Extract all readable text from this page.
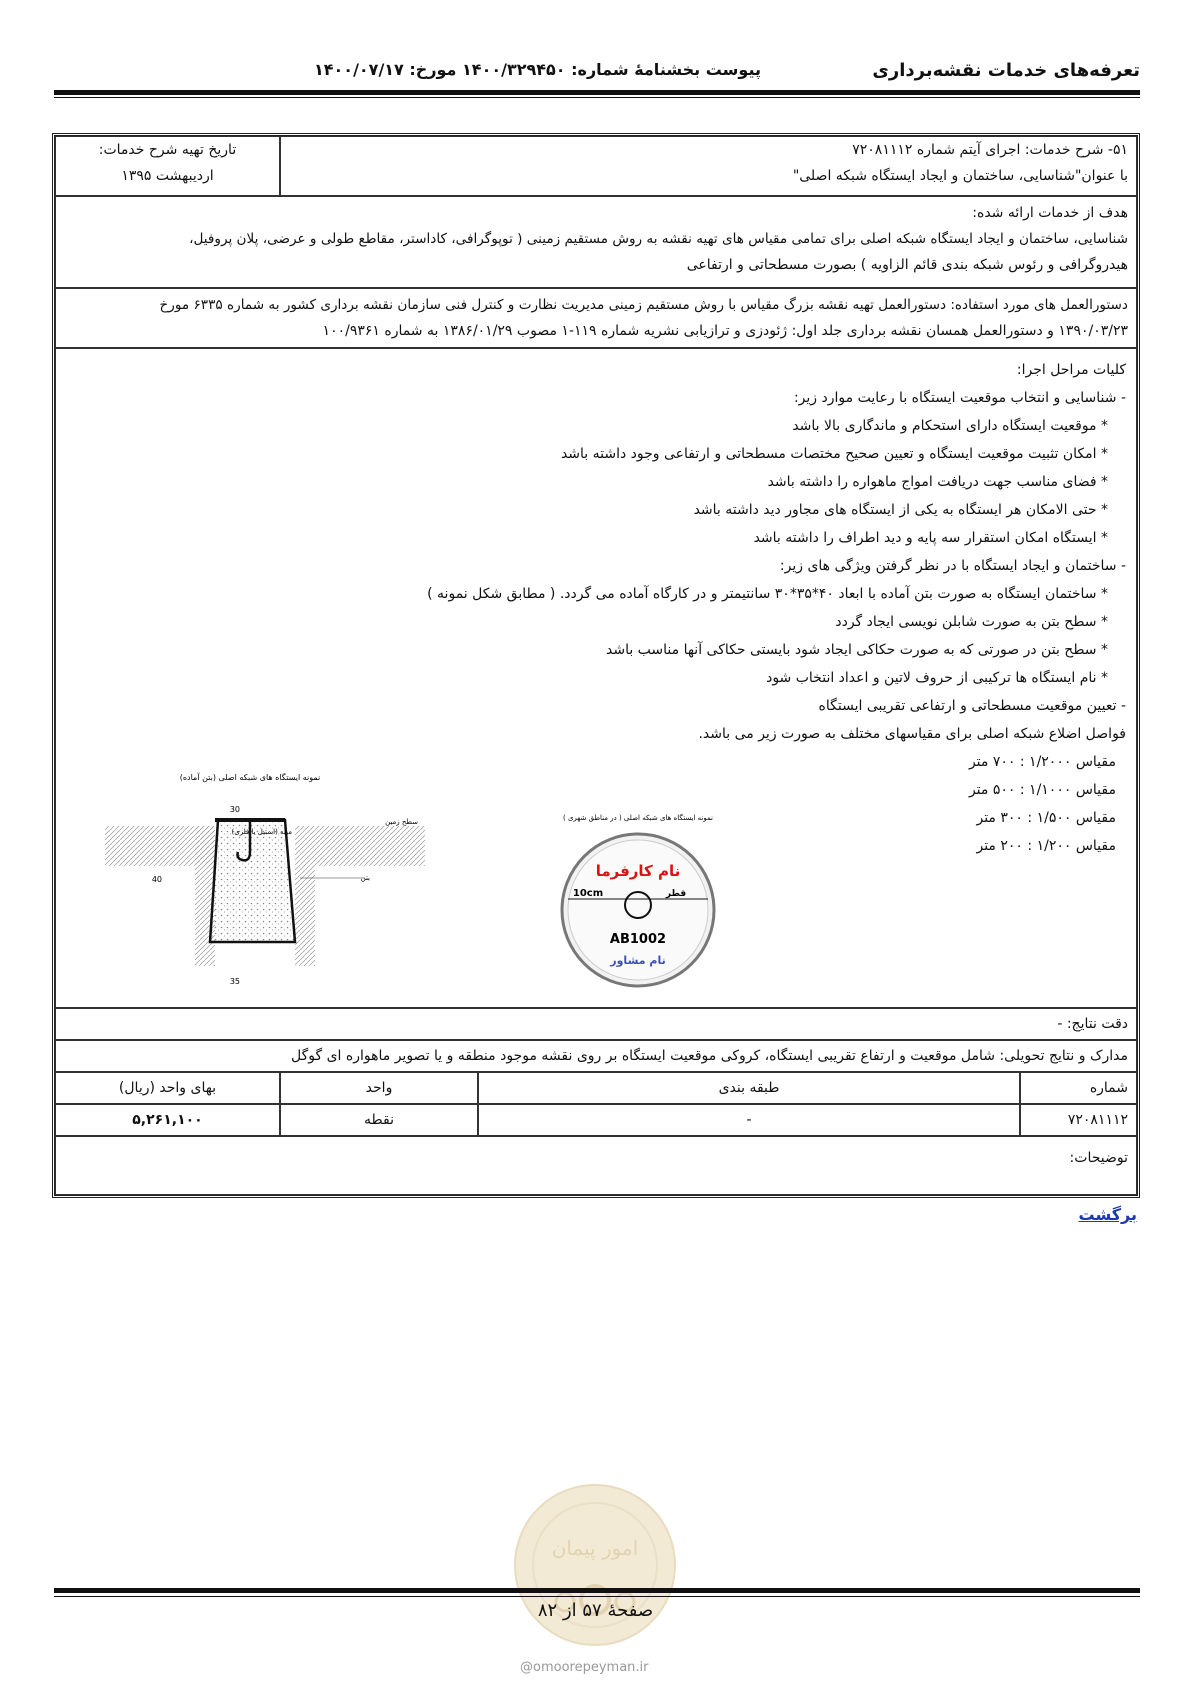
تعرفه‌های خدمات نقشه‌برداری
پیوست بخشنامهٔ شماره: ۱۴۰۰/۳۲۹۴۵۰ مورخ: ۱۴۰۰/۰۷/۱۷
۵۱- شرح خدمات: اجرای آیتم شماره ۷۲۰۸۱۱۱۲
با عنوان"شناسایی، ساختمان و ایجاد ایستگاه شبکه اصلی"
تاریخ تهیه شرح خدمات:
اردیبهشت ۱۳۹۵
هدف از خدمات ارائه شده:
شناسایی، ساختمان و ایجاد ایستگاه شبکه اصلی برای تمامی مقیاس های تهیه نقشه به روش مستقیم زمینی ( توپوگرافی، کاداستر، مقاطع طولی و عرضی، پلان پروفیل،
هیدروگرافی و رئوس شبکه بندی قائم الزاویه ) بصورت مسطحاتی و ارتفاعی
دستورالعمل های مورد استفاده: دستورالعمل تهیه نقشه بزرگ مقیاس با روش مستقیم زمینی مدیریت نظارت و کنترل فنی سازمان نقشه برداری کشور به شماره ۶۳۳۵ مورخ
۱۳۹۰/۰۳/۲۳ و دستورالعمل همسان نقشه برداری جلد اول: ژئودزی و ترازیابی نشریه شماره ۱۱۹-۱ مصوب ۱۳۸۶/۰۱/۲۹ به شماره ۱۰۰/۹۳۶۱
کلیات مراحل اجرا:
- شناسایی و انتخاب موقعیت ایستگاه با رعایت موارد زیر:
* موقعیت ایستگاه دارای استحکام و ماندگاری بالا باشد
* امکان تثبیت موقعیت ایستگاه و تعیین صحیح مختصات مسطحاتی و ارتفاعی وجود داشته باشد
* فضای مناسب جهت دریافت امواج ماهواره را داشته باشد
* حتی الامکان هر ایستگاه به یکی از ایستگاه های مجاور دید داشته باشد
* ایستگاه امکان استقرار سه پایه و دید اطراف را داشته باشد
- ساختمان و ایجاد ایستگاه با در نظر گرفتن ویژگی های زیر:
* ساختمان ایستگاه به صورت بتن آماده با ابعاد ۴۰*۳۵*۳۰ سانتیمتر و در کارگاه آماده می گردد. ( مطابق شکل نمونه )
* سطح بتن به صورت شابلن نویسی ایجاد گردد
* سطح بتن در صورتی که به صورت حکاکی ایجاد شود بایستی حکاکی آنها مناسب باشد
* نام ایستگاه ها ترکیبی از حروف لاتین و اعداد انتخاب شود
- تعیین موقعیت مسطحاتی و ارتفاعی تقریبی ایستگاه
فواصل اضلاع شبکه اصلی برای مقیاسهای مختلف به صورت زیر می باشد.
مقیاس ۱/۲۰۰۰ : ۷۰۰ متر
مقیاس ۱/۱۰۰۰ : ۵۰۰ متر
مقیاس ۱/۵۰۰ : ۳۰۰ متر
مقیاس ۱/۲۰۰ : ۲۰۰ متر
نمونه ایستگاه های شبکه اصلی (بتن آماده)
30
40
35
میله (استیل یا فلزی)
سطح زمین
بتن
نمونه ایستگاه های شبکه اصلی ( در مناطق شهری )
نام کارفرما
10cm	قطر
AB1002
نام مشاور
دقت نتایج: -
مدارک و نتایج تحویلی: شامل موقعیت و ارتفاع تقریبی ایستگاه، کروکی موقعیت ایستگاه بر روی نقشه موجود منطقه و یا تصویر ماهواره ای گوگل
شماره
طبقه بندی
واحد
بهای واحد (ریال)
۷۲۰۸۱۱۱۲
-
نقطه
۵,۲۶۱,۱۰۰
توضیحات:
برگشت
امور پیمان
صفحهٔ ۵۷ از ۸۲
@omoorepeyman.ir
